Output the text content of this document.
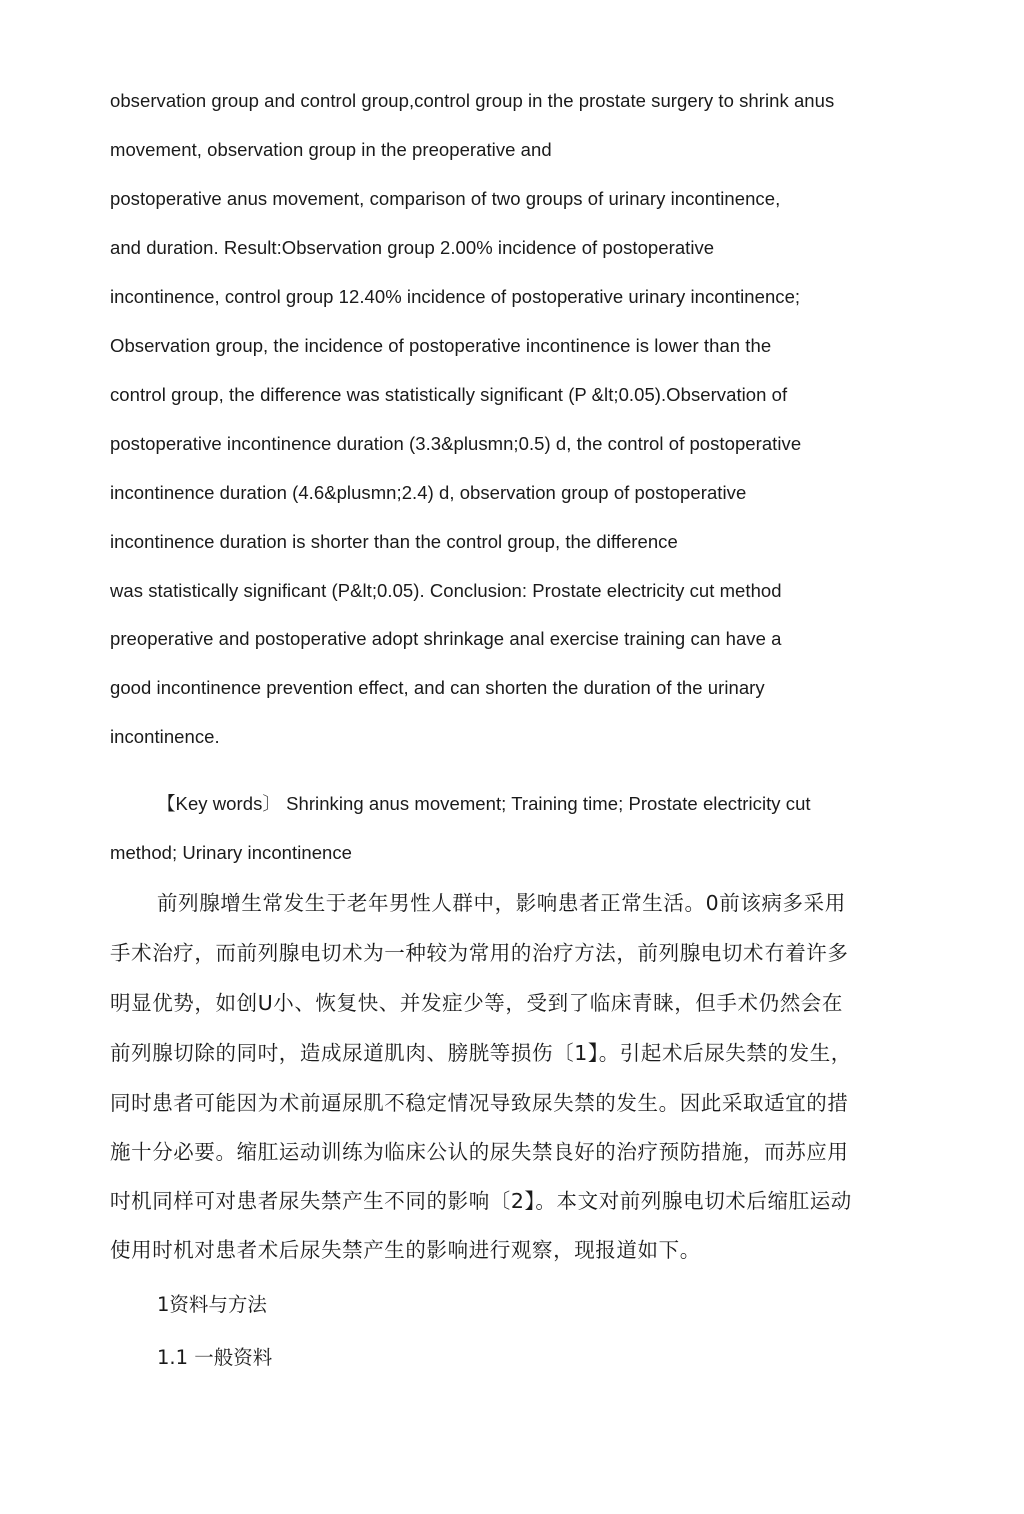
observation group and control group,control group in the prostate surgery to shrink anus

movement, observation group in the preoperative and

postoperative anus movement, comparison of two groups of urinary incontinence,

and duration. Result:Observation group 2.00% incidence of postoperative

incontinence, control group 12.40% incidence of postoperative urinary incontinence;

Observation group, the incidence of postoperative incontinence is lower than the

control group, the difference was statistically significant (P &lt;0.05).Observation of

postoperative incontinence duration (3.3&plusmn;0.5) d, the control of postoperative

incontinence duration (4.6&plusmn;2.4) d, observation group of postoperative

incontinence duration is shorter than the control group, the difference

was statistically significant (P&lt;0.05). Conclusion: Prostate electricity cut method

preoperative and postoperative adopt shrinkage anal exercise training can have a

good incontinence prevention effect, and can shorten the duration of the urinary

incontinence.

【Key words〕 Shrinking anus movement; Training time; Prostate electricity cut

method; Urinary incontinence

前列腺增生常发生于老年男性人群中，影响患者正常生活。0前该病多采用

手术治疗，而前列腺电切术为一种较为常用的治疗方法，前列腺电切术冇着许多

明显优势，如创U小、恢复快、并发症少等，受到了临床青睐，但手术仍然会在

前列腺切除的同吋，造成尿道肌肉、膀胱等损伤〔1】。引起术后尿失禁的发生，

同时患者可能因为术前逼尿肌不稳定情况导致尿失禁的发生。因此采取适宜的措

施十分必要。缩肛运动训练为临床公认的尿失禁良好的治疗预防措施，而苏应用

吋机同样可对患者尿失禁产生不同的影响〔2】。本文对前列腺电切术后缩肛运动

使用时机对患者术后尿失禁产生的影响进行观察，现报道如下。

1资料与方法

1.1 一般资料
